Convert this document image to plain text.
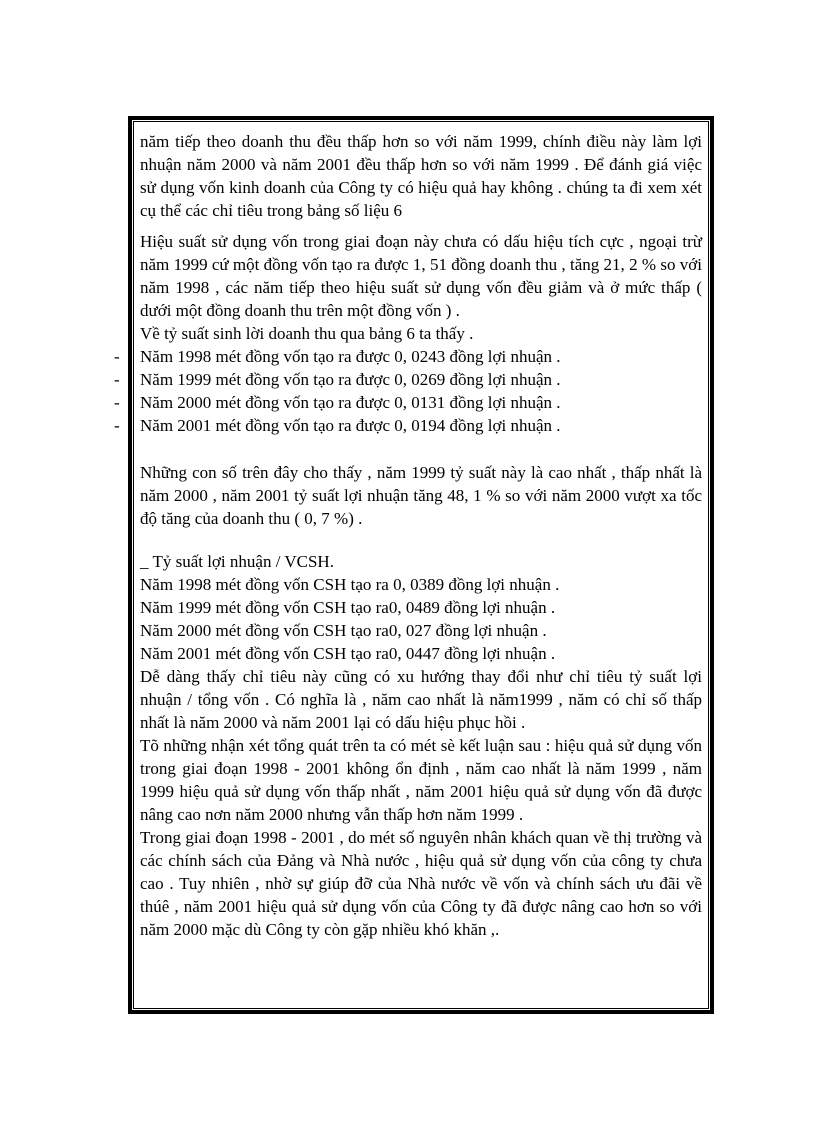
năm tiếp theo doanh thu đều thấp hơn so với năm 1999, chính điều này làm lợi nhuận năm 2000 và năm 2001 đều thấp hơn so với năm 1999 . Để đánh giá việc sử dụng vốn kinh doanh của Công ty có hiệu quả hay không . chúng ta đi xem xét cụ thể các chỉ tiêu trong bảng số liệu 6

Hiệu suất sử dụng vốn trong giai đoạn này chưa có dấu hiệu tích cực , ngoại trừ năm 1999 cứ một đồng vốn tạo ra được 1, 51 đồng doanh thu , tăng 21, 2 % so với năm 1998 , các năm tiếp theo hiệu suất sử dụng vốn đều giảm và ở mức thấp ( dưới một đồng doanh thu trên một đồng vốn ) .

Về tỷ suất sinh lời doanh thu qua bảng 6 ta thấy .

- Năm 1998 mét đồng vốn tạo ra được 0, 0243 đồng lợi nhuận .

- Năm 1999 mét đồng vốn tạo ra được 0, 0269 đồng lợi nhuận .

- Năm 2000 mét đồng vốn tạo ra được 0, 0131 đồng lợi nhuận .

- Năm 2001 mét đồng vốn tạo ra được 0, 0194 đồng lợi nhuận .

Những con số trên đây cho thấy , năm 1999 tỷ suất này là cao nhất , thấp nhất là năm 2000 , năm 2001 tỷ suất lợi nhuận tăng 48, 1 % so với năm 2000 vượt xa tốc độ tăng của doanh thu ( 0, 7 %) .

_ Tỷ suất lợi nhuận / VCSH.

Năm 1998 mét đồng vốn CSH tạo ra 0, 0389 đồng lợi nhuận .

Năm 1999 mét đồng vốn CSH tạo ra0, 0489 đồng lợi nhuận .

Năm 2000 mét đồng vốn CSH tạo ra0, 027 đồng lợi nhuận .

Năm 2001 mét đồng vốn CSH tạo ra0, 0447 đồng lợi nhuận .

Dễ dàng thấy chỉ tiêu này cũng có xu hướng thay đổi như chỉ tiêu tỷ suất lợi nhuận / tổng vốn . Có nghĩa là , năm cao nhất là năm1999 , năm có chỉ số thấp nhất là năm 2000 và năm 2001 lại có dấu hiệu phục hồi .

Tõ những nhận xét tổng quát trên ta có mét sè kết luận sau : hiệu quả sử dụng vốn trong giai đoạn 1998 - 2001 không ổn định , năm cao nhất là năm 1999 , năm 1999 hiệu quả sử dụng vốn thấp nhất , năm 2001 hiệu quả sử dụng vốn đã được nâng cao nơn năm 2000 nhưng vẫn thấp hơn năm 1999 .

Trong giai đoạn 1998 - 2001 , do mét số nguyên nhân khách quan về thị trường và các chính sách của Đảng và Nhà nước , hiệu quả sử dụng vốn của công ty chưa cao . Tuy nhiên , nhờ sự giúp đỡ của Nhà nước về vốn và chính sách ưu đãi về thúê , năm 2001 hiệu quả sử dụng vốn của Công ty đã được nâng cao hơn so với năm 2000 mặc dù Công ty còn gặp nhiều khó khăn ,.
